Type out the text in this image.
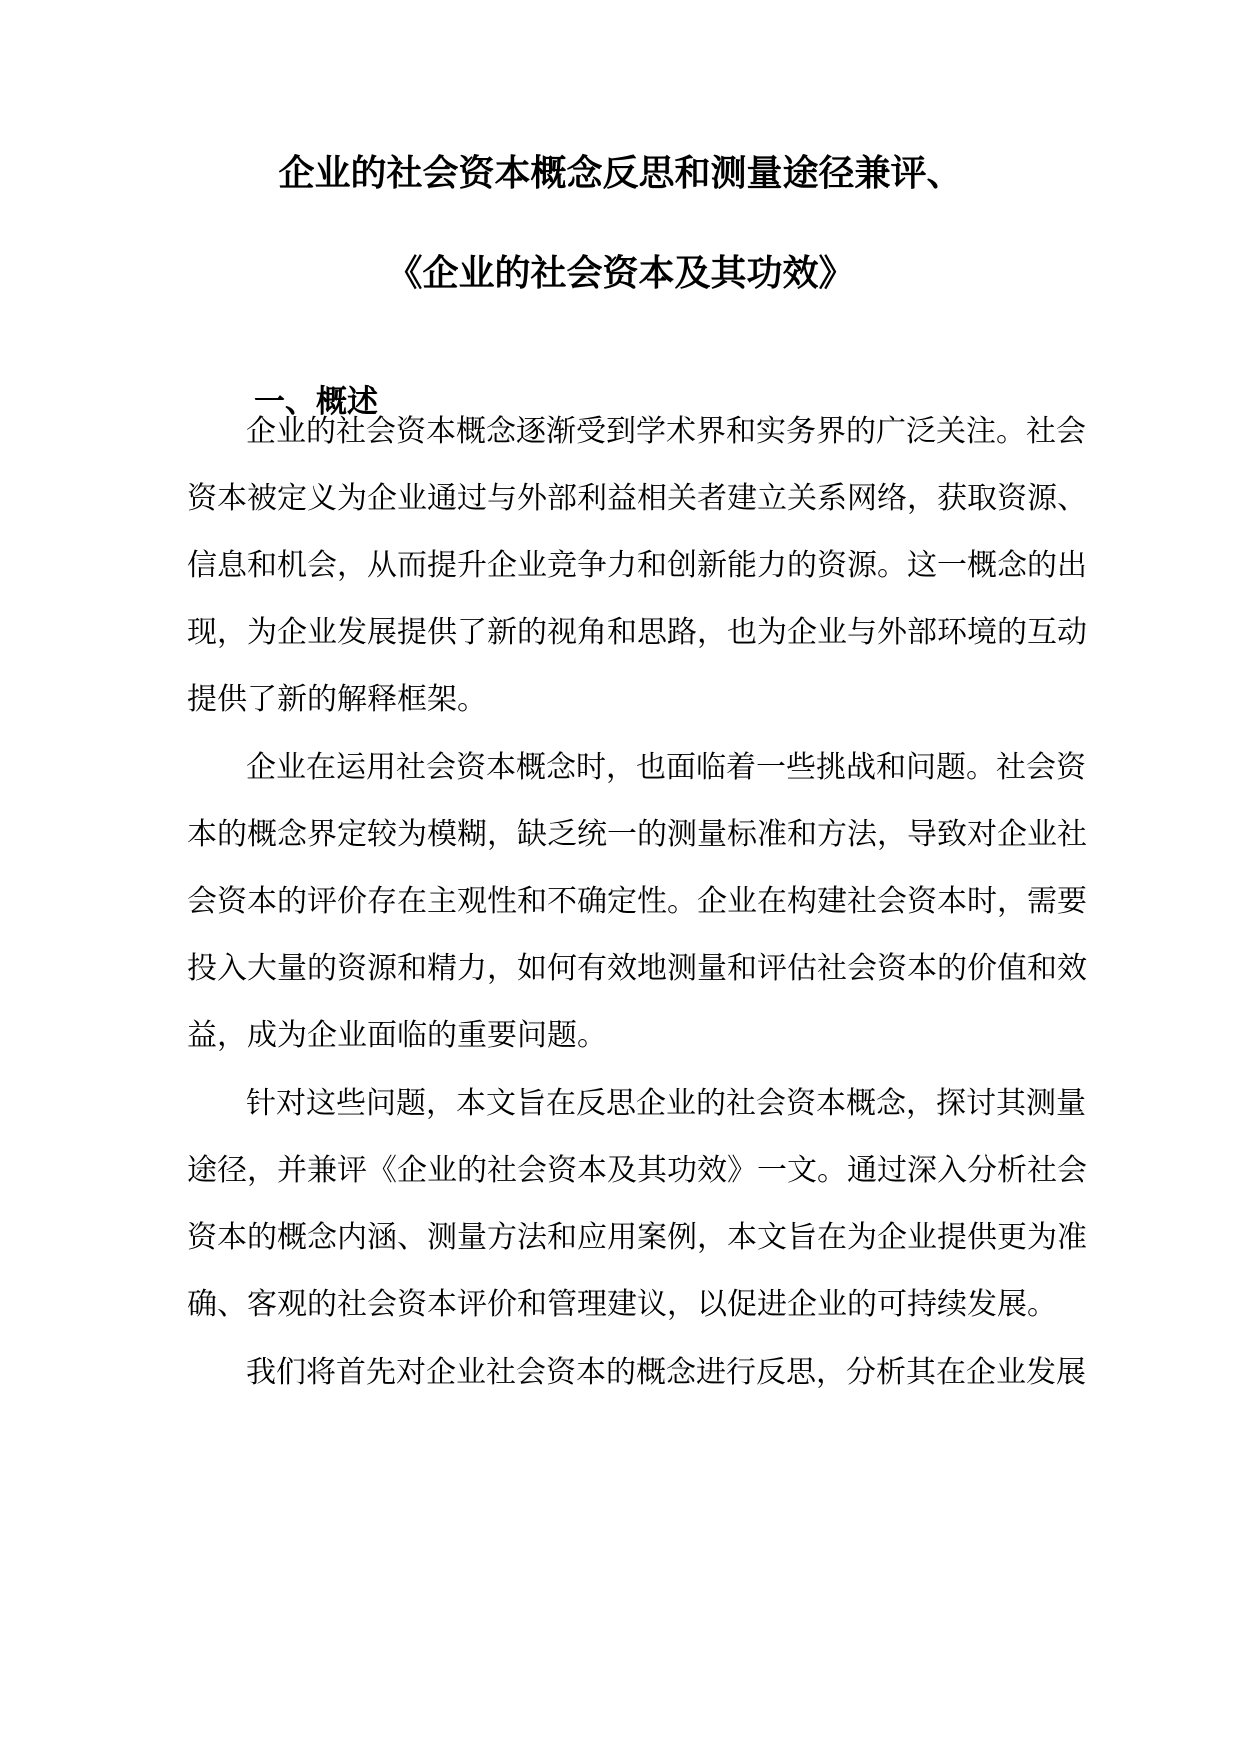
企业的社会资本概念反思和测量途径兼评、
《企业的社会资本及其功效》
一、概述
企业的社会资本概念逐渐受到学术界和实务界的广泛关注。社会
资本被定义为企业通过与外部利益相关者建立关系网络，获取资源、
信息和机会，从而提升企业竞争力和创新能力的资源。这一概念的出
现，为企业发展提供了新的视角和思路，也为企业与外部环境的互动
提供了新的解释框架。
企业在运用社会资本概念时，也面临着一些挑战和问题。社会资
本的概念界定较为模糊，缺乏统一的测量标准和方法，导致对企业社
会资本的评价存在主观性和不确定性。企业在构建社会资本时，需要
投入大量的资源和精力，如何有效地测量和评估社会资本的价值和效
益，成为企业面临的重要问题。
针对这些问题，本文旨在反思企业的社会资本概念，探讨其测量
途径，并兼评《企业的社会资本及其功效》一文。通过深入分析社会
资本的概念内涵、测量方法和应用案例，本文旨在为企业提供更为准
确、客观的社会资本评价和管理建议，以促进企业的可持续发展。
我们将首先对企业社会资本的概念进行反思，分析其在企业发展
